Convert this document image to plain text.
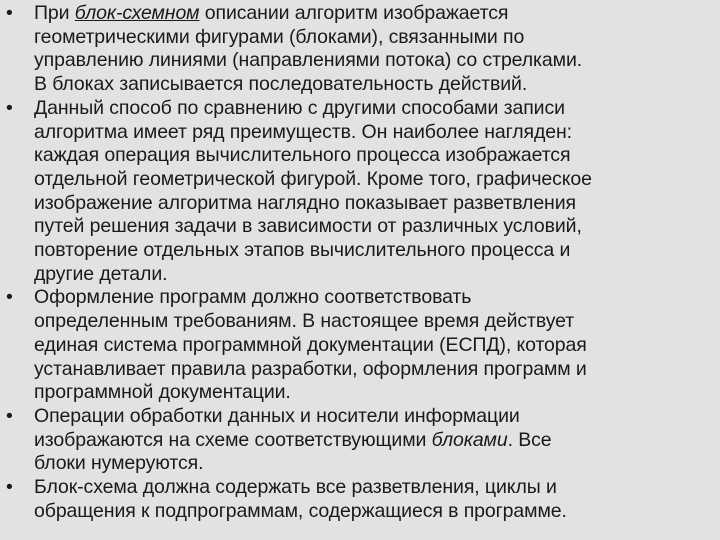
• При блок-схемном описании алгоритм изображается
геометрическими фигурами (блоками), связанными по
управлению линиями (направлениями потока) со стрелками.
В блоках записывается последовательность действий.
• Данный способ по сравнению с другими способами записи
алгоритма имеет ряд преимуществ. Он наиболее нагляден:
каждая операция вычислительного процесса изображается
отдельной геометрической фигурой. Кроме того, графическое
изображение алгоритма наглядно показывает разветвления
путей решения задачи в зависимости от различных условий,
повторение отдельных этапов вычислительного процесса и
другие детали.
• Оформление программ должно соответствовать
определенным требованиям. В настоящее время действует
единая система программной документации (ЕСПД), которая
устанавливает правила разработки, оформления программ и
программной документации.
• Операции обработки данных и носители информации
изображаются на схеме соответствующими блоками. Все
блоки нумеруются.
• Блок-схема должна содержать все разветвления, циклы и
обращения к подпрограммам, содержащиеся в программе.
